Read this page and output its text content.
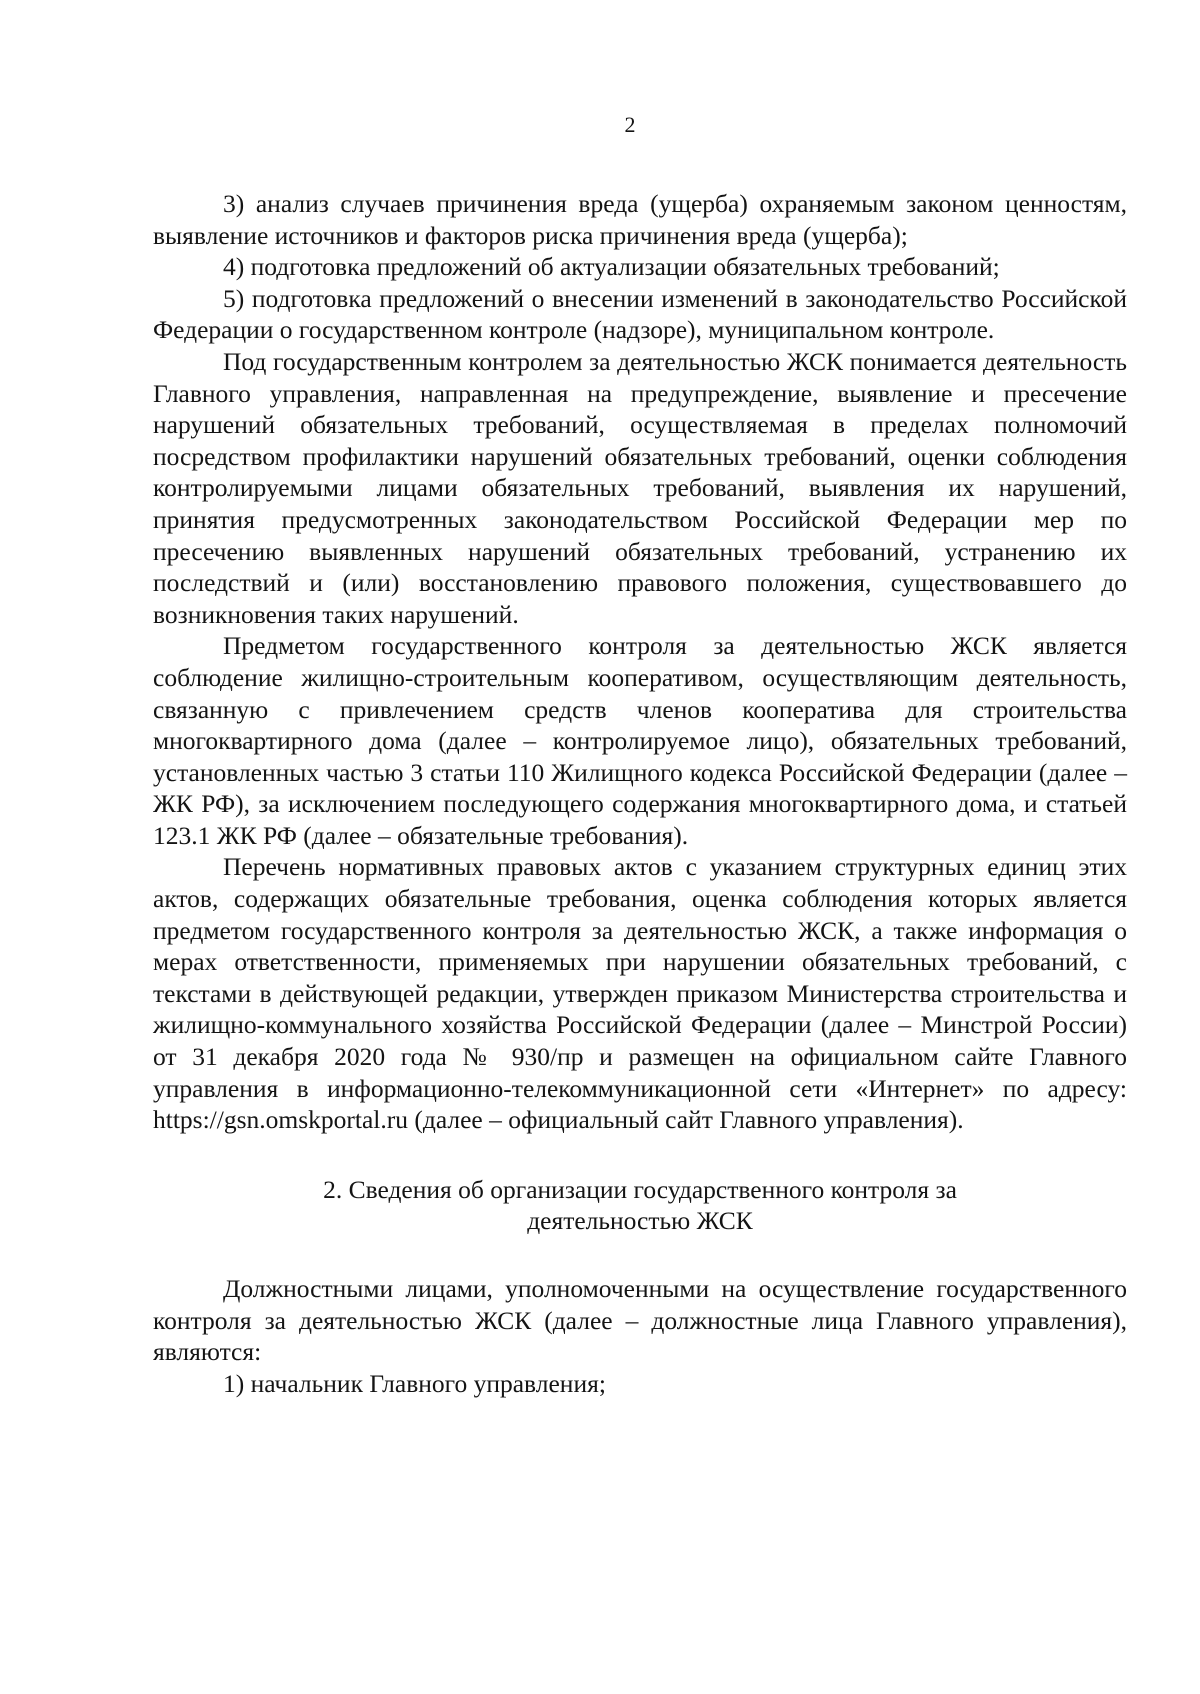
2

3) анализ случаев причинения вреда (ущерба) охраняемым законом ценностям, выявление источников и факторов риска причинения вреда (ущерба);

4) подготовка предложений об актуализации обязательных требований;

5) подготовка предложений о внесении изменений в законодательство Российской Федерации о государственном контроле (надзоре), муниципальном контроле.

Под государственным контролем за деятельностью ЖСК понимается деятельность Главного управления, направленная на предупреждение, выявление и пресечение нарушений обязательных требований, осуществляемая в пределах полномочий посредством профилактики нарушений обязательных требований, оценки соблюдения контролируемыми лицами обязательных требований, выявления их нарушений, принятия предусмотренных законодательством Российской Федерации мер по пресечению выявленных нарушений обязательных требований, устранению их последствий и (или) восстановлению правового положения, существовавшего до возникновения таких нарушений.

Предметом государственного контроля за деятельностью ЖСК является соблюдение жилищно-строительным кооперативом, осуществляющим деятельность, связанную с привлечением средств членов кооператива для строительства многоквартирного дома (далее – контролируемое лицо), обязательных требований, установленных частью 3 статьи 110 Жилищного кодекса Российской Федерации (далее – ЖК РФ), за исключением последующего содержания многоквартирного дома, и статьей 123.1 ЖК РФ (далее – обязательные требования).

Перечень нормативных правовых актов с указанием структурных единиц этих актов, содержащих обязательные требования, оценка соблюдения которых является предметом государственного контроля за деятельностью ЖСК, а также информация о мерах ответственности, применяемых при нарушении обязательных требований, с текстами в действующей редакции, утвержден приказом Министерства строительства и жилищно-коммунального хозяйства Российской Федерации (далее – Минстрой России) от 31 декабря 2020 года № 930/пр и размещен на официальном сайте Главного управления в информационно-телекоммуникационной сети «Интернет» по адресу: https://gsn.omskportal.ru (далее – официальный сайт Главного управления).

2. Сведения об организации государственного контроля за
деятельностью ЖСК

Должностными лицами, уполномоченными на осуществление государственного контроля за деятельностью ЖСК (далее – должностные лица Главного управления), являются:

1) начальник Главного управления;
